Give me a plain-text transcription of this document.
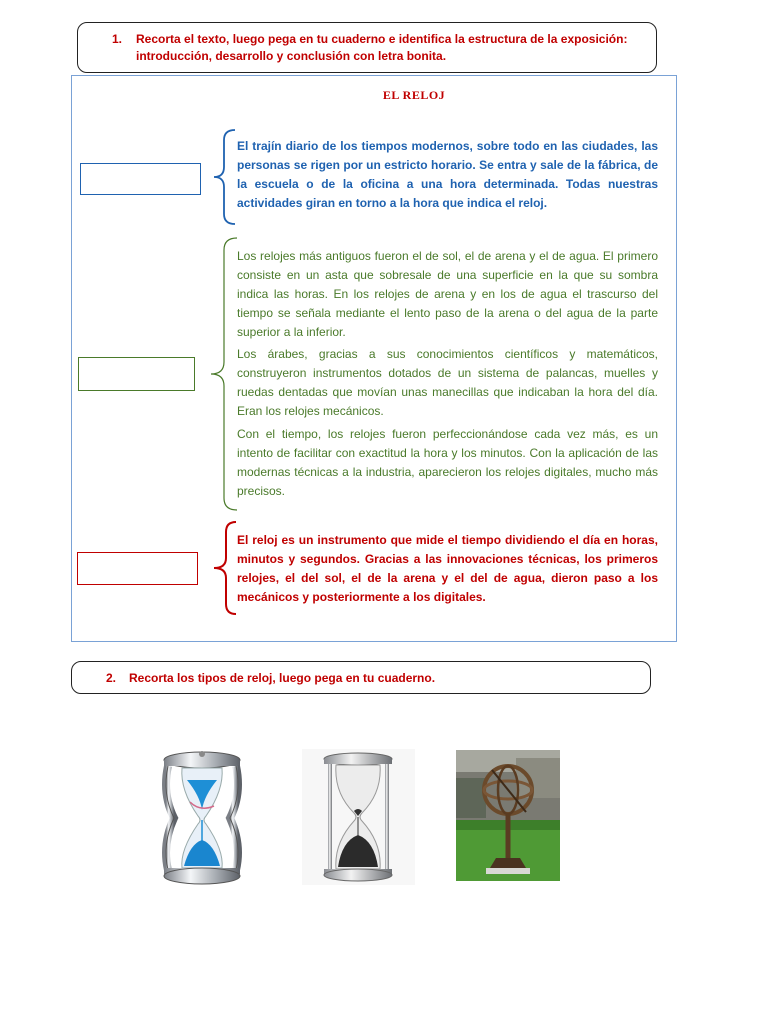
1. Recorta el texto, luego pega en tu cuaderno e identifica la estructura de la exposición: introducción, desarrollo y conclusión con letra bonita.
EL RELOJ
El trajín diario de los tiempos modernos, sobre todo en las ciudades, las personas se rigen por un estricto horario. Se entra y sale de la fábrica, de la escuela o de la oficina a una hora determinada. Todas nuestras actividades giran en torno a la hora que indica el reloj.
Los relojes más antiguos fueron el de sol, el de arena y el de agua. El primero consiste en un asta que sobresale de una superficie en la que su sombra indica las horas. En los relojes de arena y en los de agua el trascurso del tiempo se señala mediante el lento paso de la arena o del agua de la parte superior a la inferior.
Los árabes, gracias a sus conocimientos científicos y matemáticos, construyeron instrumentos dotados de un sistema de palancas, muelles y ruedas dentadas que movían unas manecillas que indicaban la hora del día. Eran los relojes mecánicos.
Con el tiempo, los relojes fueron perfeccionándose cada vez más, es un intento de facilitar con exactitud la hora y los minutos. Con la aplicación de las modernas técnicas a la industria, aparecieron los relojes digitales, mucho más precisos.
El reloj es un instrumento que mide el tiempo dividiendo el día en horas, minutos y segundos. Gracias a las innovaciones técnicas, los primeros relojes, el del sol, el de la arena y el del de agua, dieron paso a los mecánicos y posteriormente a los digitales.
2. Recorta los tipos de reloj, luego pega en tu cuaderno.
